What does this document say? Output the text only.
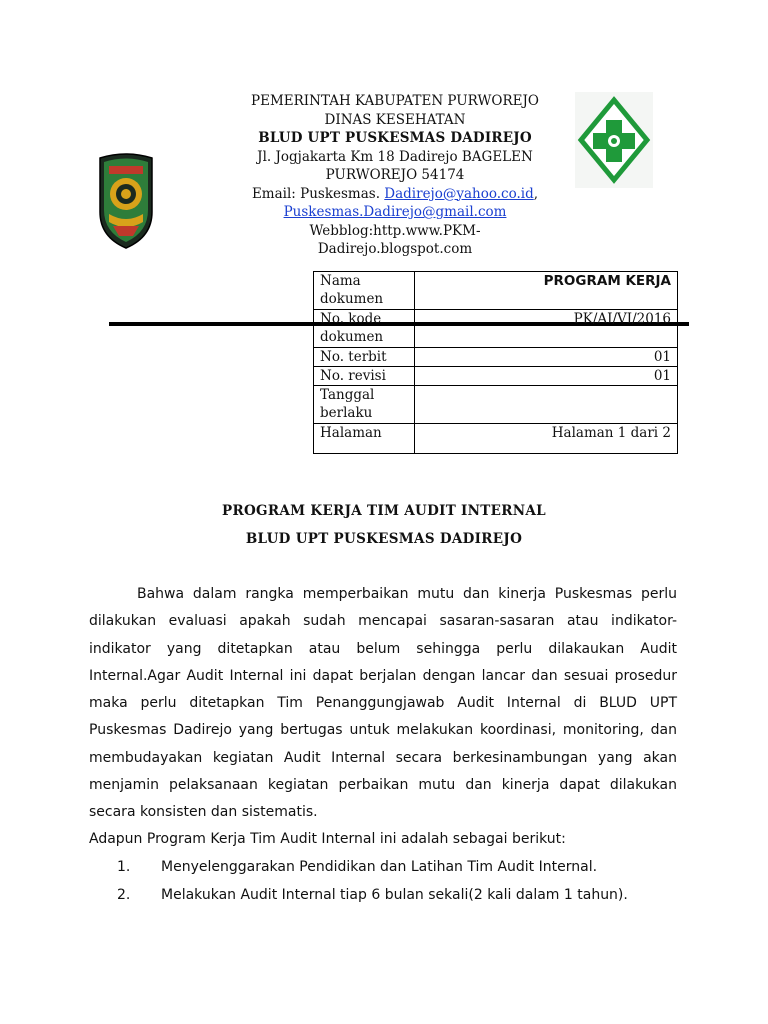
PEMERINTAH KABUPATEN PURWOREJO
DINAS KESEHATAN
BLUD UPT PUSKESMAS DADIREJO
Jl. Jogjakarta Km 18 Dadirejo BAGELEN
PURWOREJO 54174
Email: Puskesmas. Dadirejo@yahoo.co.id,
Puskesmas.Dadirejo@gmail.com
Webblog:http.www.PKM-
Dadirejo.blogspot.com
Nama dokumen	PROGRAM KERJA
No. kode dokumen	PK/AI/VI/2016
No. terbit	01
No. revisi	01
Tanggal berlaku	
Halaman	Halaman 1 dari 2
PROGRAM KERJA TIM AUDIT INTERNAL
BLUD UPT PUSKESMAS DADIREJO
Bahwa dalam rangka memperbaikan mutu dan kinerja Puskesmas perlu dilakukan evaluasi apakah sudah mencapai sasaran-sasaran atau indikator-indikator yang ditetapkan atau belum sehingga perlu dilakaukan Audit Internal.Agar Audit Internal ini dapat berjalan dengan lancar dan sesuai prosedur maka perlu ditetapkan Tim Penanggungjawab Audit Internal di BLUD UPT Puskesmas Dadirejo yang bertugas untuk melakukan koordinasi, monitoring, dan membudayakan kegiatan Audit Internal secara berkesinambungan yang akan menjamin pelaksanaan kegiatan perbaikan mutu dan kinerja dapat dilakukan secara konsisten dan sistematis.
Adapun Program Kerja Tim Audit Internal ini adalah sebagai berikut:
1. Menyelenggarakan Pendidikan dan Latihan Tim Audit Internal.
2. Melakukan Audit Internal tiap 6 bulan sekali(2 kali dalam 1 tahun).
